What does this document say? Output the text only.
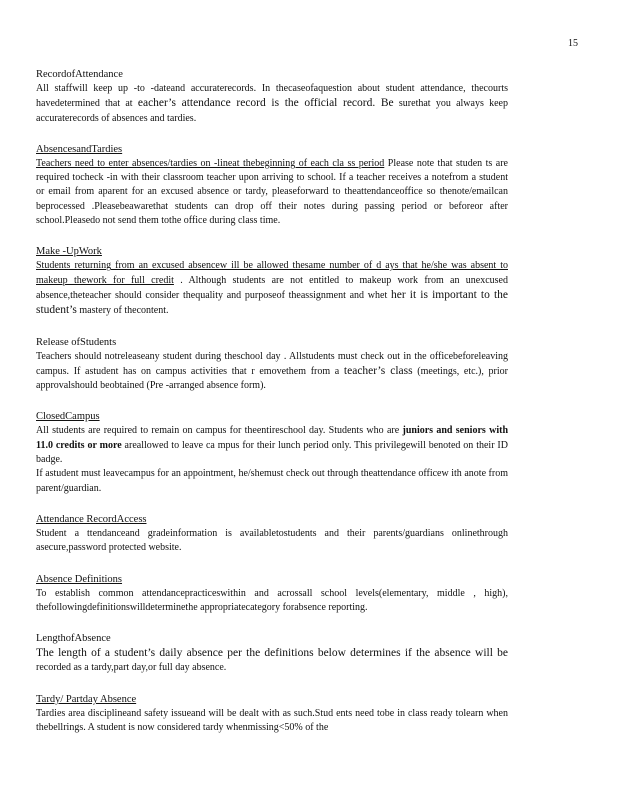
15
RecordofAttendance

All staffwill keep up -to -dateand accuraterecords. In thecaseofaquestion about student attendance, thecourts havedetermined that at eacher’s attendance record is the official record. Be surethat you always keep accuraterecords of absences and tardies.

AbsencesandTardies

Teachers need to enter absences/tardies on -lineat thebeginning of each cla ss period Please note that studen ts are required tocheck -in with their classroom teacher upon arriving to school. If a teacher receives a notefrom a student or email from aparent for an excused absence or tardy, pleaseforward to theattendanceoffice so thenote/emailcan beprocessed .Pleasebeawarethat students can drop off their notes during passing period or beforeor after school.Pleasedo not send them tothe office during class time.

Make -UpWork

Students returning from an excused absencew ill be allowed thesame number of d ays that he/she was absent to makeup thework for full credit . Although students are not entitled to makeup work from an unexcused absence,theteacher should consider thequality and purposeof theassignment and whet her it is important to the student’s mastery of thecontent.

Release ofStudents

Teachers should notreleaseany student during theschool day . Allstudents must check out in the officebeforeleaving campus. If astudent has on campus activities that r emovethem from a teacher’s class (meetings, etc.), prior approvalshould beobtained (Pre -arranged absence form).

ClosedCampus

All students are required to remain on campus for theentireschool day. Students who are juniors and seniors with 11.0 credits or more areallowed to leave ca mpus for their lunch period only. This privilegewill benoted on their ID badge.

If astudent must leavecampus for an appointment, he/shemust check out through theattendance officew ith anote from parent/guardian.

Attendance RecordAccess

Student a ttendanceand gradeinformation is availabletostudents and their parents/guardians onlinethrough asecure,password protected website.

Absence Definitions

To establish common attendancepracticeswithin and acrossall school levels(elementary, middle , high), thefollowingdefinitionswilldeterminethe appropriatecategory forabsence reporting.

LengthofAbsence

The length of a student’s daily absence per the definitions below determines if the absence will be recorded as a tardy,part day,or full day absence.

Tardy/ Partday Absence

Tardies area disciplineand safety issueand will be dealt with as such.Stud ents need tobe in class ready tolearn when thebellrings. A student is now considered tardy whenmissing<50% of the
